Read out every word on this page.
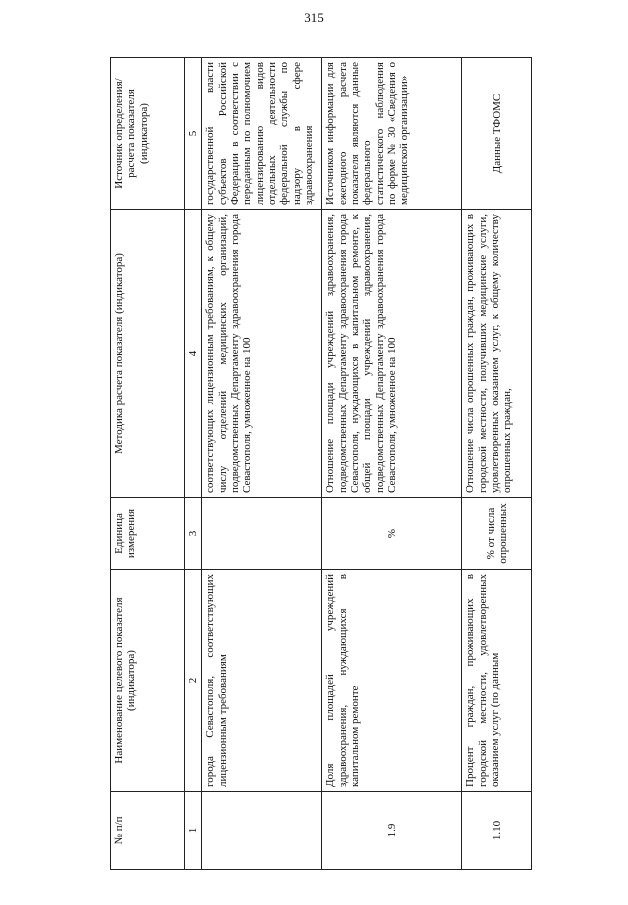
315
№ п/п	Наименование целевого показателя (индикатора)	Единица измерения	Методика расчета показателя (индикатора)	Источник определения/ расчета показателя (индикатора)
1	2	3	4	5
	города Севастополя, соответствующих лицензионным требованиям		соответствующих лицензионным требованиям, к общему числу отделений медицинских организаций, подведомственных Департаменту здравоохранения города Севастополя, умноженное на 100	государственной власти субъектов Российской Федерации в соответствии с переданным по полномочием лицензированию видов отдельных деятельности федеральной службы по надзору в сфере здравоохранения
1.9	Доля площадей учреждений здравоохранения, нуждающихся в капитальном ремонте	%	Отношение площади учреждений здравоохранения, подведомственных Департаменту здравоохранения города Севастополя, нуждающихся в капитальном ремонте, к общей площади учреждений здравоохранения, подведомственных Департаменту здравоохранения города Севастополя, умноженное на 100	Источником информации для ежегодного расчета показателя являются данные федерального статистического наблюдения по форме № 30 «Сведения о медицинской организации»
1.10	Процент граждан, проживающих в городской местности, удовлетворенных оказанием услуг (по данным	% от числа опрошенных	Отношение числа опрошенных граждан, проживающих в городской местности, получивших медицинские услуги, удовлетворенных оказанием услуг, к общему количеству опрошенных граждан,	Данные ТФОМС
